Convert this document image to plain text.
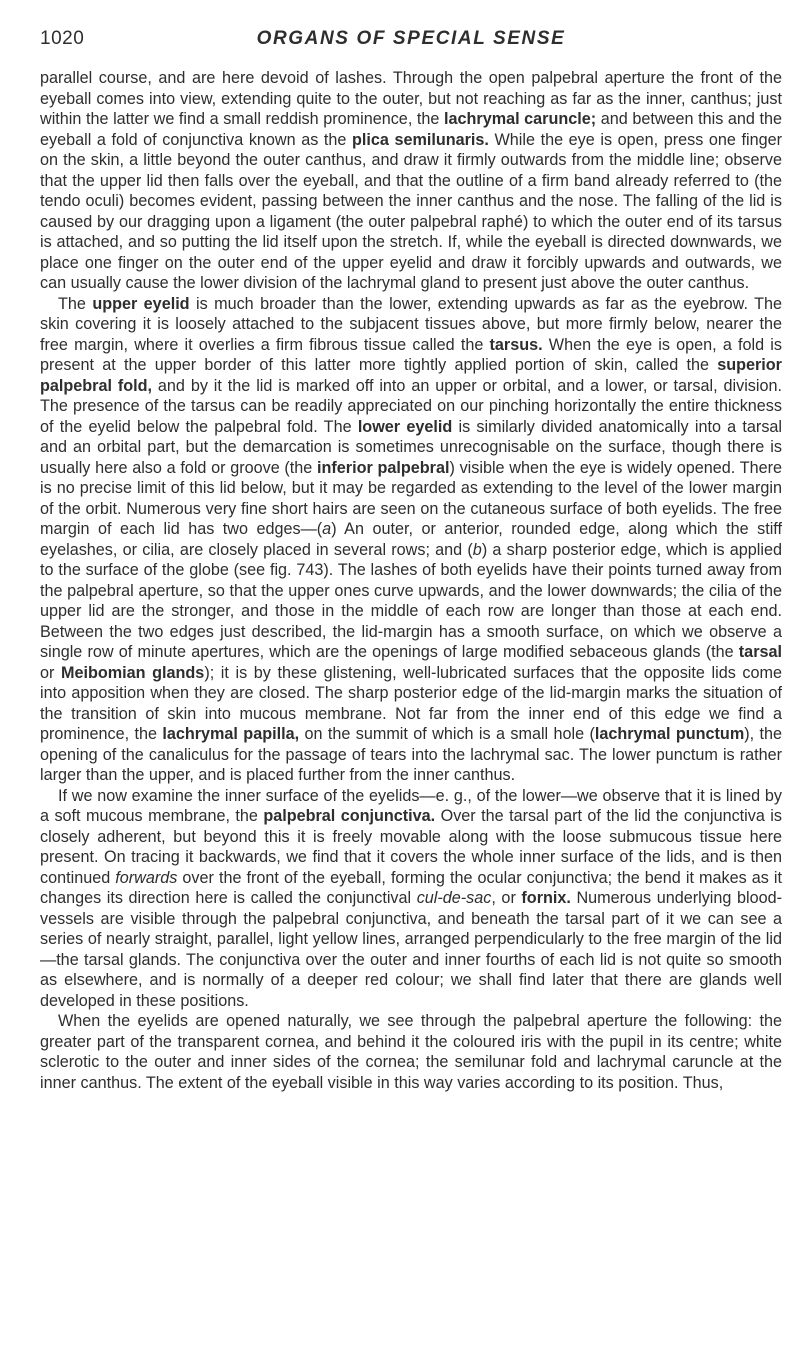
1020	ORGANS OF SPECIAL SENSE

parallel course, and are here devoid of lashes. Through the open palpebral aperture the front of the eyeball comes into view, extending quite to the outer, but not reaching as far as the inner, canthus; just within the latter we find a small reddish prominence, the lachrymal caruncle; and between this and the eyeball a fold of conjunctiva known as the plica semilunaris. While the eye is open, press one finger on the skin, a little beyond the outer canthus, and draw it firmly outwards from the middle line; observe that the upper lid then falls over the eyeball, and that the outline of a firm band already referred to (the tendo oculi) becomes evident, passing between the inner canthus and the nose. The falling of the lid is caused by our dragging upon a ligament (the outer palpebral raphé) to which the outer end of its tarsus is attached, and so putting the lid itself upon the stretch. If, while the eyeball is directed downwards, we place one finger on the outer end of the upper eyelid and draw it forcibly upwards and outwards, we can usually cause the lower division of the lachrymal gland to present just above the outer canthus.

The upper eyelid is much broader than the lower, extending upwards as far as the eyebrow. The skin covering it is loosely attached to the subjacent tissues above, but more firmly below, nearer the free margin, where it overlies a firm fibrous tissue called the tarsus. When the eye is open, a fold is present at the upper border of this latter more tightly applied portion of skin, called the superior palpebral fold, and by it the lid is marked off into an upper or orbital, and a lower, or tarsal, division. The presence of the tarsus can be readily appreciated on our pinching horizontally the entire thickness of the eyelid below the palpebral fold. The lower eyelid is similarly divided anatomically into a tarsal and an orbital part, but the demarcation is sometimes unrecognisable on the surface, though there is usually here also a fold or groove (the inferior palpebral) visible when the eye is widely opened. There is no precise limit of this lid below, but it may be regarded as extending to the level of the lower margin of the orbit. Numerous very fine short hairs are seen on the cutaneous surface of both eyelids. The free margin of each lid has two edges—(a) An outer, or anterior, rounded edge, along which the stiff eyelashes, or cilia, are closely placed in several rows; and (b) a sharp posterior edge, which is applied to the surface of the globe (see fig. 743). The lashes of both eyelids have their points turned away from the palpebral aperture, so that the upper ones curve upwards, and the lower downwards; the cilia of the upper lid are the stronger, and those in the middle of each row are longer than those at each end. Between the two edges just described, the lid-margin has a smooth surface, on which we observe a single row of minute apertures, which are the openings of large modified sebaceous glands (the tarsal or Meibomian glands); it is by these glistening, well-lubricated surfaces that the opposite lids come into apposition when they are closed. The sharp posterior edge of the lid-margin marks the situation of the transition of skin into mucous membrane. Not far from the inner end of this edge we find a prominence, the lachrymal papilla, on the summit of which is a small hole (lachrymal punctum), the opening of the canaliculus for the passage of tears into the lachrymal sac. The lower punctum is rather larger than the upper, and is placed further from the inner canthus.

If we now examine the inner surface of the eyelids—e. g., of the lower—we observe that it is lined by a soft mucous membrane, the palpebral conjunctiva. Over the tarsal part of the lid the conjunctiva is closely adherent, but beyond this it is freely movable along with the loose submucous tissue here present. On tracing it backwards, we find that it covers the whole inner surface of the lids, and is then continued forwards over the front of the eyeball, forming the ocular conjunctiva; the bend it makes as it changes its direction here is called the conjunctival cul-de-sac, or fornix. Numerous underlying blood-vessels are visible through the palpebral conjunctiva, and beneath the tarsal part of it we can see a series of nearly straight, parallel, light yellow lines, arranged perpendicularly to the free margin of the lid—the tarsal glands. The conjunctiva over the outer and inner fourths of each lid is not quite so smooth as elsewhere, and is normally of a deeper red colour; we shall find later that there are glands well developed in these positions.

When the eyelids are opened naturally, we see through the palpebral aperture the following: the greater part of the transparent cornea, and behind it the coloured iris with the pupil in its centre; white sclerotic to the outer and inner sides of the cornea; the semilunar fold and lachrymal caruncle at the inner canthus. The extent of the eyeball visible in this way varies according to its position. Thus,
